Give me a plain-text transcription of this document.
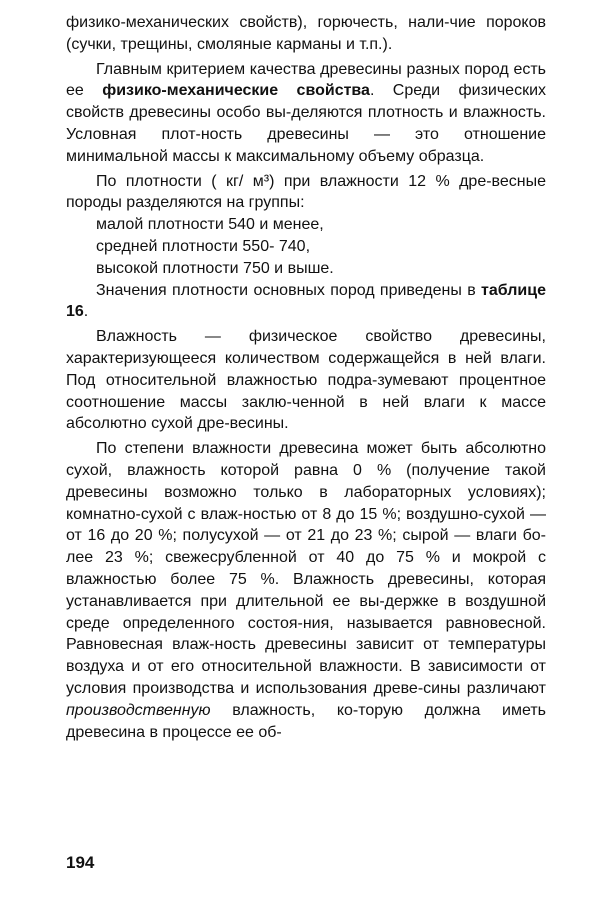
физико-механических свойств), горючесть, нали-чие пороков (сучки, трещины, смоляные карманы и т.п.).

Главным критерием качества древесины разных пород есть ее физико-механические свойства. Среди физических свойств древесины особо вы-деляются плотность и влажность. Условная плот-ность древесины — это отношение минимальной массы к максимальному объему образца.

По плотности ( кг/ м³) при влажности 12 % дре-весные породы разделяются на группы:

малой плотности 540 и менее,

средней плотности 550- 740,

высокой плотности 750 и выше.

Значения плотности основных пород приведены в таблице 16.

Влажность — физическое свойство древесины, характеризующееся количеством содержащейся в ней влаги. Под относительной влажностью подра-зумевают процентное соотношение массы заклю-ченной в ней влаги к массе абсолютно сухой дре-весины.

По степени влажности древесина может быть абсолютно сухой, влажность которой равна 0 % (получение такой древесины возможно только в лабораторных условиях); комнатно-сухой с влаж-ностью от 8 до 15 %; воздушно-сухой — от 16 до 20 %; полусухой — от 21 до 23 %; сырой — влаги бо-лее 23 %; свежесрубленной от 40 до 75 % и мокрой с влажностью более 75 %. Влажность древесины, которая устанавливается при длительной ее вы-держке в воздушной среде определенного состоя-ния, называется равновесной. Равновесная влаж-ность древесины зависит от температуры воздуха и от его относительной влажности. В зависимости от условия производства и использования древе-сины различают производственную влажность, ко-торую должна иметь древесина в процессе ее об-

194
